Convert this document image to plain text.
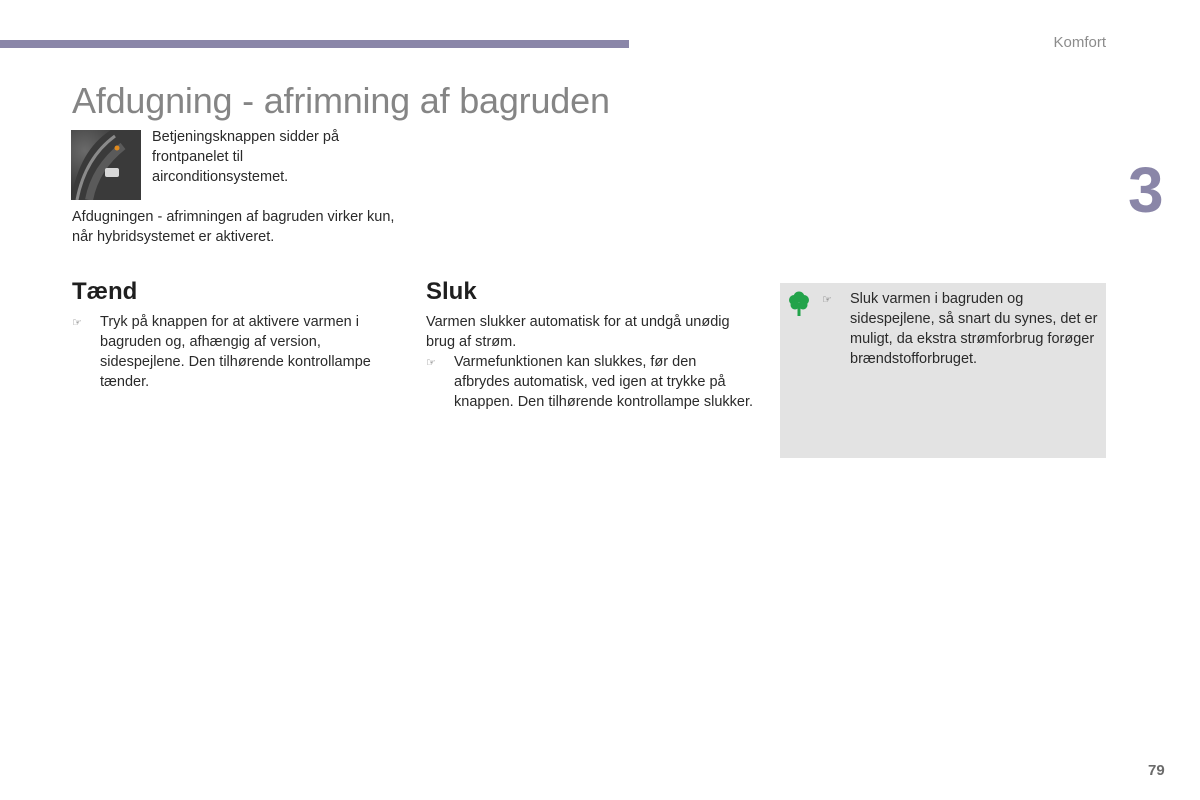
Komfort
3
Afdugning - afrimning af bagruden

Betjeningsknappen sidder på frontpanelet til airconditionsystemet.

Afdugningen - afrimningen af bagruden virker kun, når hybridsystemet er aktiveret.

Tænd

☞ Tryk på knappen for at aktivere varmen i bagruden og, afhængig af version, sidespejlene. Den tilhørende kontrollampe tænder.

Sluk

Varmen slukker automatisk for at undgå unødig brug af strøm.

☞ Varmefunktionen kan slukkes, før den afbrydes automatisk, ved igen at trykke på knappen. Den tilhørende kontrollampe slukker.

☞ Sluk varmen i bagruden og sidespejlene, så snart du synes, det er muligt, da ekstra strømforbrug forøger brændstofforbruget.

79
